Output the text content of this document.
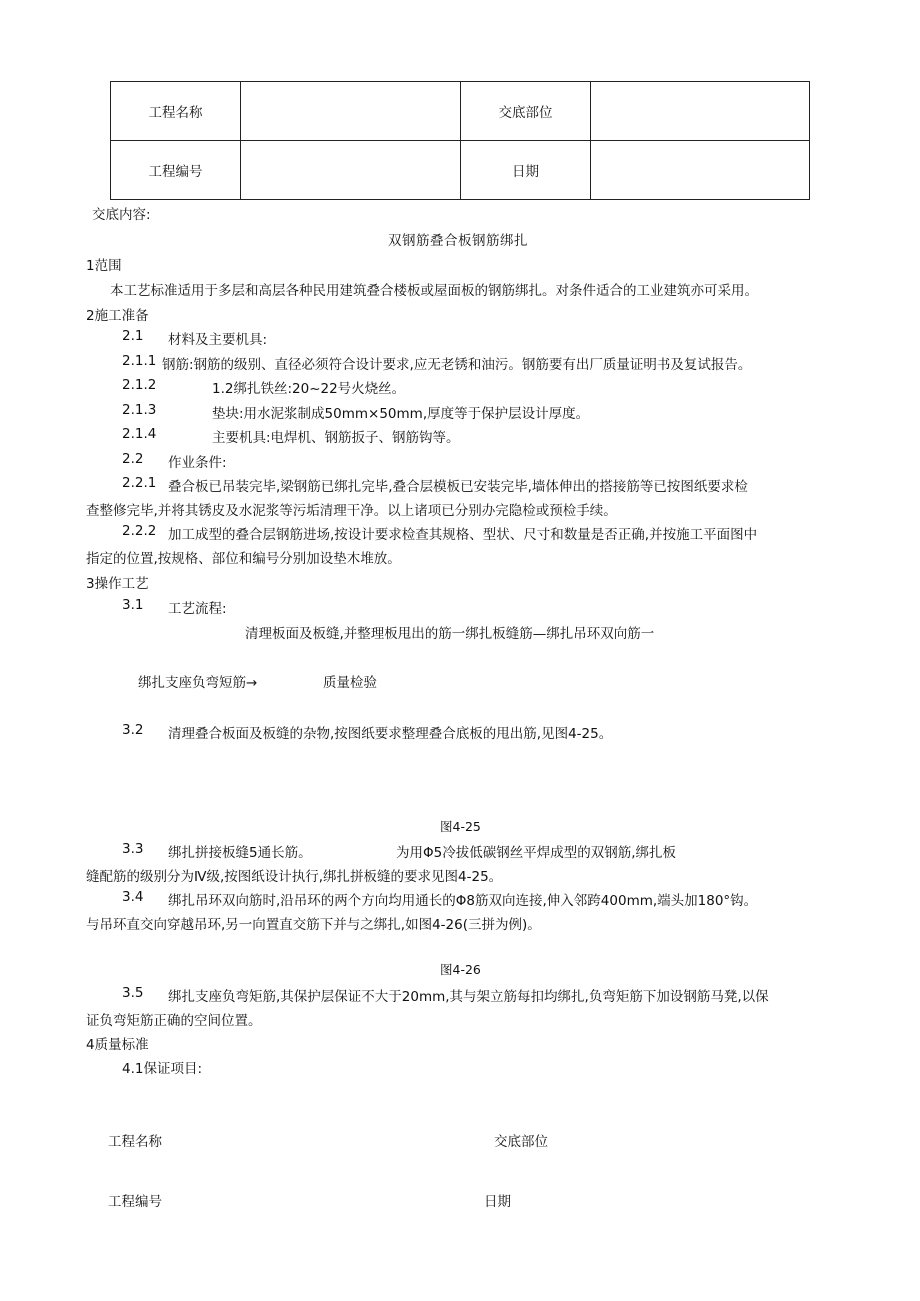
工程名称		交底部位	
工程编号		日期	
交底内容:
双钢筋叠合板钢筋绑扎
1范围
本工艺标准适用于多层和高层各种民用建筑叠合楼板或屋面板的钢筋绑扎。对条件适合的工业建筑亦可采用。
2施工准备
2.1 材料及主要机具:
2.1.1 钢筋:钢筋的级别、直径必须符合设计要求,应无老锈和油污。钢筋要有出厂质量证明书及复试报告。
2.1.2	1.2绑扎铁丝:20~22号火烧丝。
2.1.3	垫块:用水泥浆制成50mm×50mm,厚度等于保护层设计厚度。
2.1.4	主要机具:电焊机、钢筋扳子、钢筋钩等。
2.2 作业条件:
2.2.1 叠合板已吊装完毕,梁钢筋已绑扎完毕,叠合层模板已安装完毕,墙体伸出的搭接筋等已按图纸要求检
查整修完毕,并将其锈皮及水泥浆等污垢清理干净。以上诸项已分别办完隐检或预检手续。
2.2.2 加工成型的叠合层钢筋进场,按设计要求检查其规格、型状、尺寸和数量是否正确,并按施工平面图中
指定的位置,按规格、部位和编号分别加设垫木堆放。
3操作工艺
3.1 工艺流程:
清理板面及板缝,并整理板甩出的筋一绑扎板缝筋—绑扎吊环双向筋一
绑扎支座负弯短筋→	质量检验
3.2 清理叠合板面及板缝的杂物,按图纸要求整理叠合底板的甩出筋,见图4-25。
图4-25
3.3 绑扎拼接板缝5通长筋。	为用Φ5冷拔低碳钢丝平焊成型的双钢筋,绑扎板
缝配筋的级别分为Ⅳ级,按图纸设计执行,绑扎拼板缝的要求见图4-25。
3.4 绑扎吊环双向筋时,沿吊环的两个方向均用通长的Φ8筋双向连接,伸入邻跨400mm,端头加180°钩。
与吊环直交向穿越吊环,另一向置直交筋下并与之绑扎,如图4-26(三拼为例)。
图4-26
3.5 绑扎支座负弯矩筋,其保护层保证不大于20mm,其与架立筋每扣均绑扎,负弯矩筋下加设钢筋马凳,以保
证负弯矩筋正确的空间位置。
4质量标准
4.1保证项目:
工程名称	交底部位
工程编号	日期
